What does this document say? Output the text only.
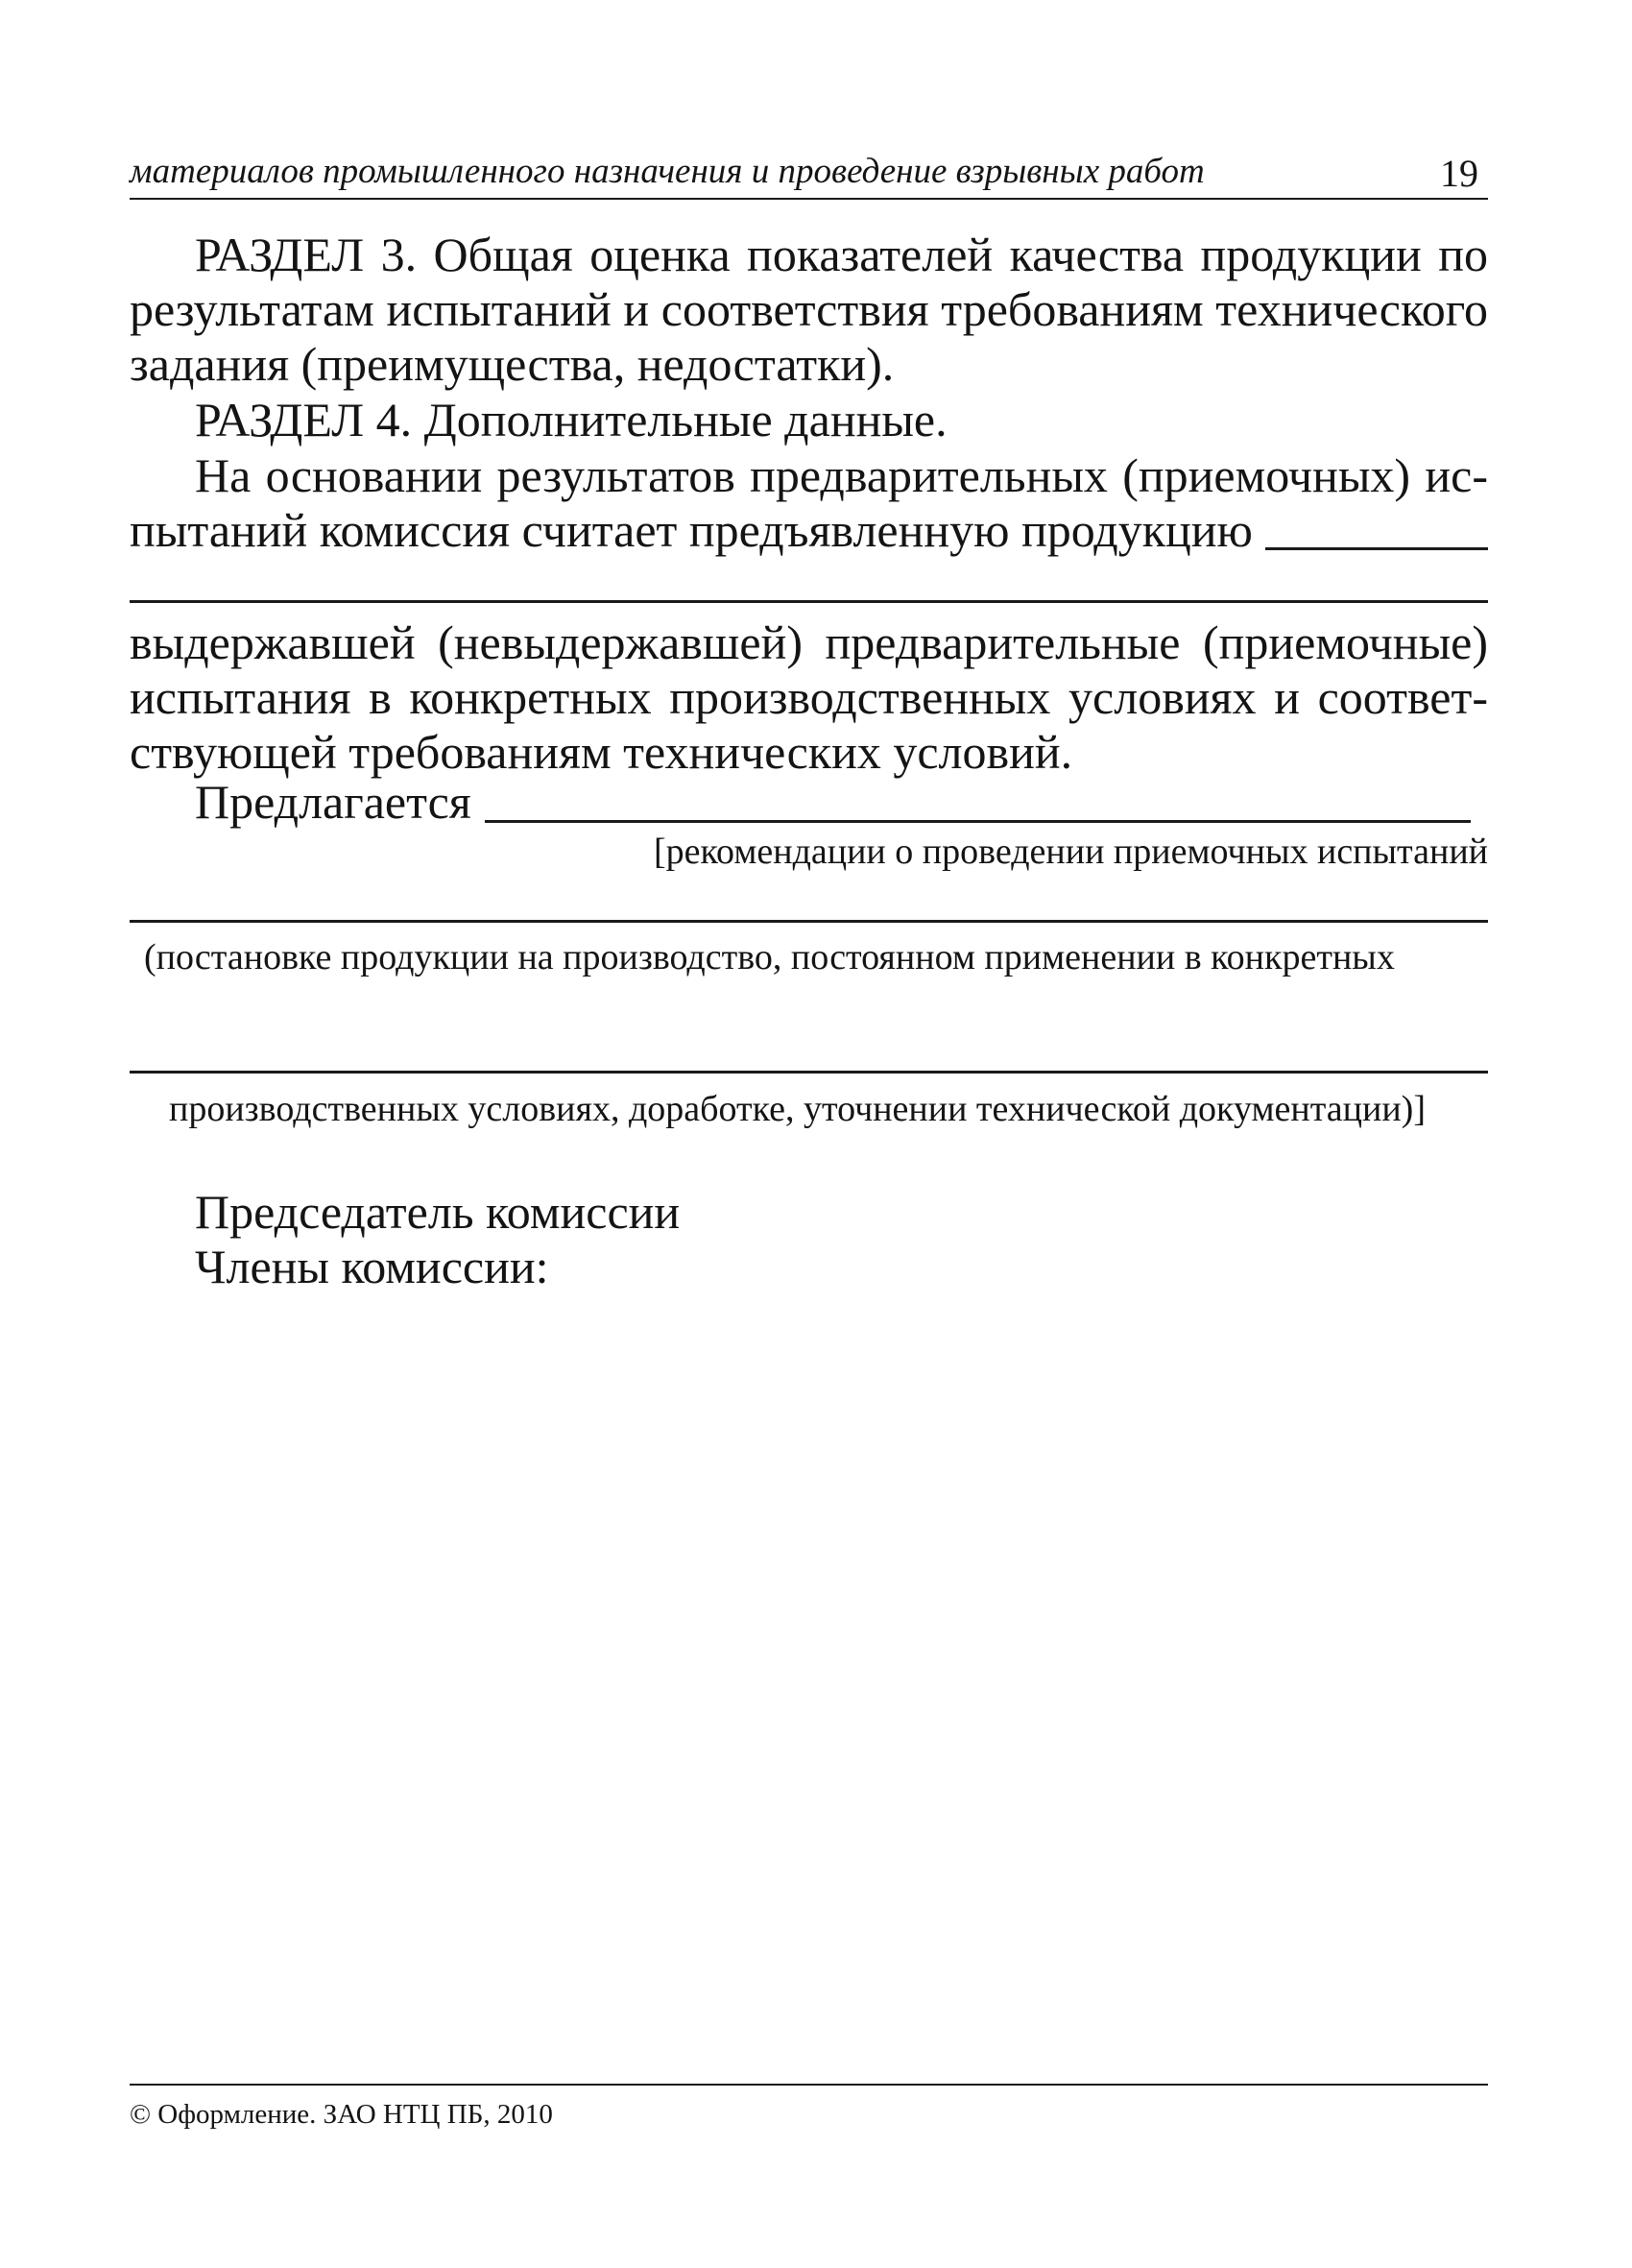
материалов промышленного назначения и проведение взрывных работ	19
РАЗДЕЛ 3. Общая оценка показателей качества продукции по
результатам испытаний и соответствия требованиям технического
задания (преимущества, недостатки).
РАЗДЕЛ 4. Дополнительные данные.
На основании результатов предварительных (приемочных) ис-
пытаний комиссия считает предъявленную продукцию
выдержавшей (невыдержавшей) предварительные (приемочные)
испытания в конкретных производственных условиях и соответ-
ствующей требованиям технических условий.
Предлагается
[рекомендации о проведении приемочных испытаний
(постановке продукции на производство, постоянном применении в конкретных
производственных условиях, доработке, уточнении технической документации)]
Председатель комиссии
Члены комиссии:
© Оформление. ЗАО НТЦ ПБ, 2010
